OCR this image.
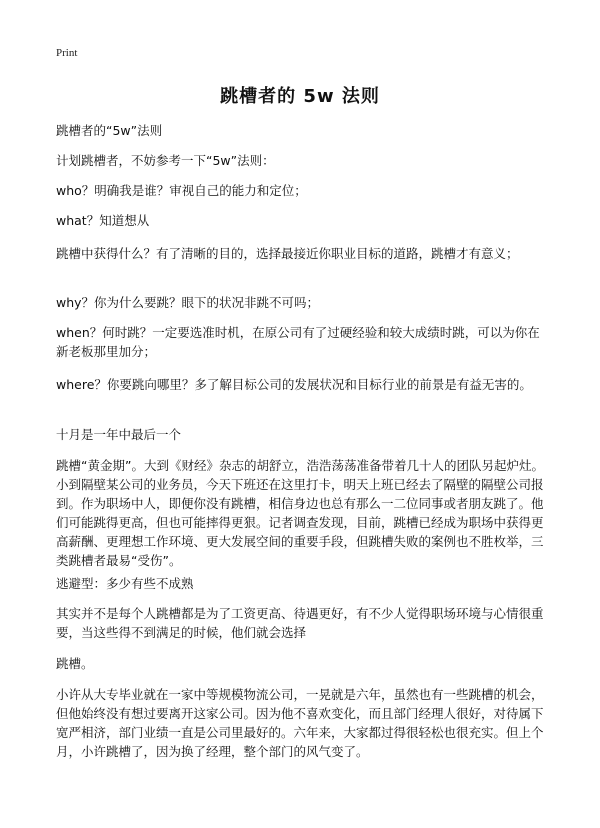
Print
跳槽者的 5w 法则
跳槽者的“5w”法则
计划跳槽者，不妨参考一下“5w”法则：
who？明确我是谁？审视自己的能力和定位；
what？知道想从
跳槽中获得什么？有了清晰的目的，选择最接近你职业目标的道路，跳槽才有意义；
why？你为什么要跳？眼下的状况非跳不可吗；
when？何时跳？一定要选准时机，在原公司有了过硬经验和较大成绩时跳，可以为你在新老板那里加分；
where？你要跳向哪里？多了解目标公司的发展状况和目标行业的前景是有益无害的。
十月是一年中最后一个
跳槽“黄金期”。大到《财经》杂志的胡舒立，浩浩荡荡准备带着几十人的团队另起炉灶。小到隔壁某公司的业务员，今天下班还在这里打卡，明天上班已经去了隔壁的隔壁公司报到。作为职场中人，即便你没有跳槽，相信身边也总有那么一二位同事或者朋友跳了。他们可能跳得更高，但也可能摔得更狠。记者调查发现，目前，跳槽已经成为职场中获得更高薪酬、更理想工作环境、更大发展空间的重要手段，但跳槽失败的案例也不胜枚举，三类跳槽者最易“受伤”。
逃避型：多少有些不成熟
其实并不是每个人跳槽都是为了工资更高、待遇更好，有不少人觉得职场环境与心情很重要，当这些得不到满足的时候，他们就会选择
跳槽。
小许从大专毕业就在一家中等规模物流公司，一晃就是六年，虽然也有一些跳槽的机会，但他始终没有想过要离开这家公司。因为他不喜欢变化，而且部门经理人很好，对待属下宽严相济，部门业绩一直是公司里最好的。六年来，大家都过得很轻松也很充实。但上个月，小许跳槽了，因为换了经理，整个部门的风气变了。
